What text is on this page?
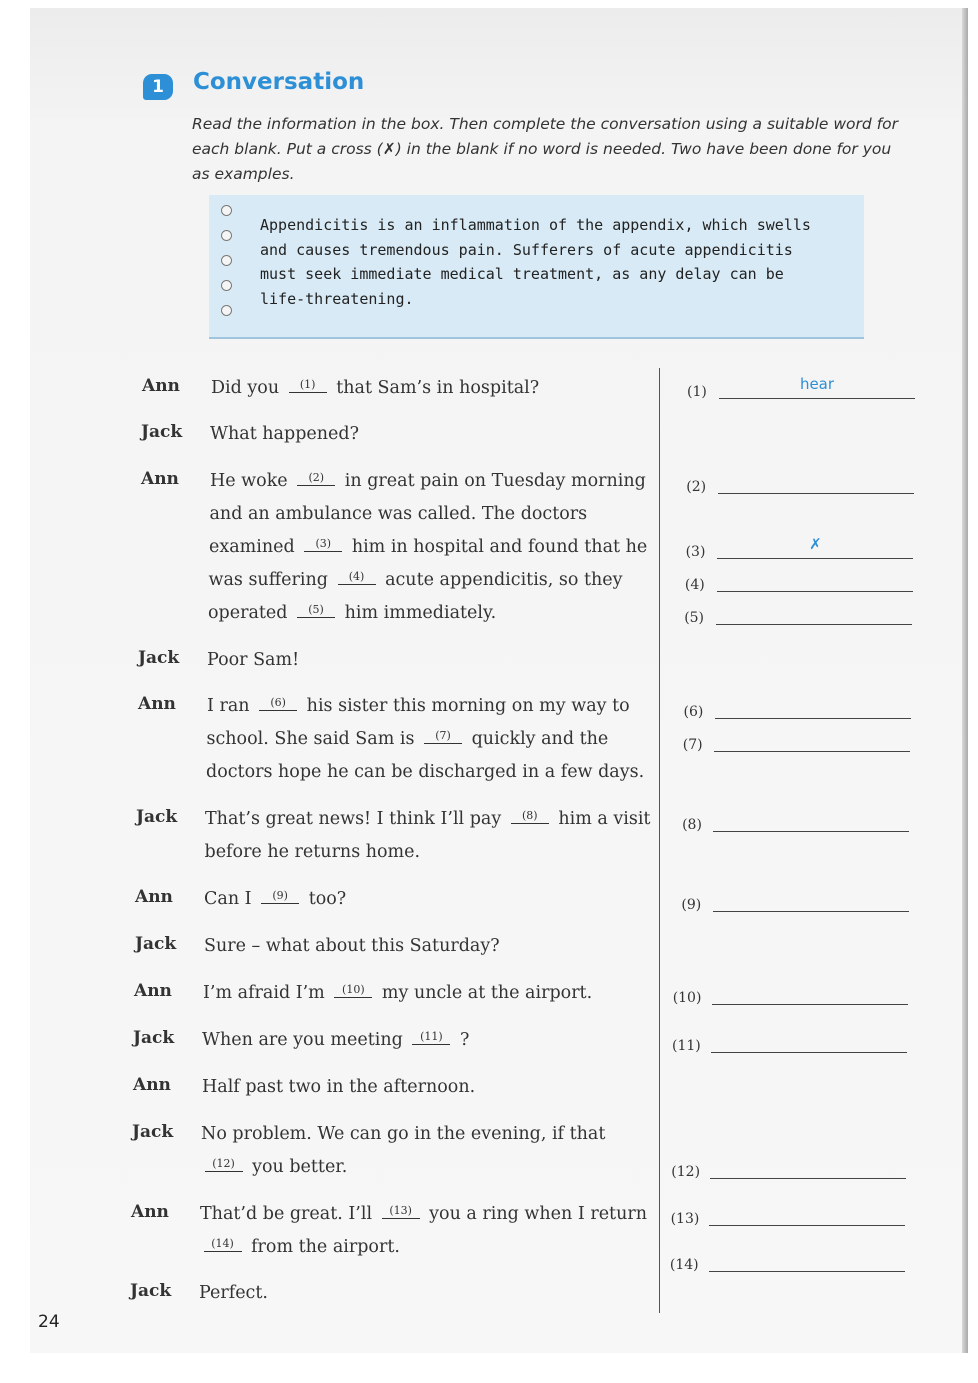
1	Conversation
Read the information in the box. Then complete the conversation using a suitable word for each blank. Put a cross (✗) in the blank if no word is needed. Two have been done for you as examples.
Appendicitis is an inflammation of the appendix, which swells
and causes tremendous pain. Sufferers of acute appendicitis
must seek immediate medical treatment, as any delay can be
life-threatening.
Ann Did you (1) that Sam’s in hospital?
Jack What happened?
Ann He woke (2) in great pain on Tuesday morning
and an ambulance was called. The doctors
examined (3) him in hospital and found that he
was suffering (4) acute appendicitis, so they
operated (5) him immediately.
Jack Poor Sam!
Ann I ran (6) his sister this morning on my way to
school. She said Sam is (7) quickly and the
doctors hope he can be discharged in a few days.
Jack That’s great news! I think I’ll pay (8) him a visit
before he returns home.
Ann Can I (9) too?
Jack Sure – what about this Saturday?
Ann I’m afraid I’m (10) my uncle at the airport.
Jack When are you meeting (11) ?
Ann Half past two in the afternoon.
Jack No problem. We can go in the evening, if that
(12) you better.
Ann That’d be great. I’ll (13) you a ring when I return
(14) from the airport.
Jack Perfect.
(1)	hear
(2)
(3)	✗
(4)
(5)
(6)
(7)
(8)
(9)
(10)
(11)
(12)
(13)
(14)
24
